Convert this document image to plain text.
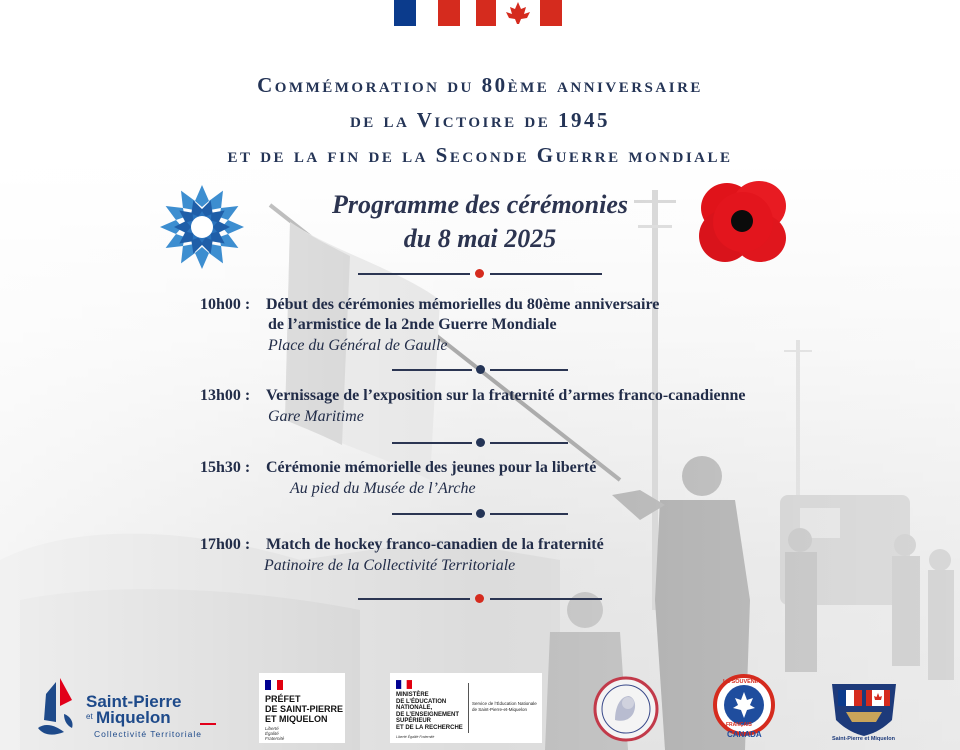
Commémoration du 80ème anniversaire
de la Victoire de 1945
et de la fin de la Seconde Guerre mondiale
Programme des cérémonies
du 8 mai 2025
10h00 : Début des cérémonies mémorielles du 80ème anniversaire
de l’armistice de la 2nde Guerre Mondiale
Place du Général de Gaulle
13h00 : Vernissage de l’exposition sur la fraternité d’armes franco-canadienne
Gare Maritime
15h30 : Cérémonie mémorielle des jeunes pour la liberté
Au pied du Musée de l’Arche
17h00 : Match de hockey franco-canadien de la fraternité
Patinoire de la Collectivité Territoriale
Saint-Pierre
et Miquelon
Collectivité Territoriale
PRÉFET
DE SAINT-PIERRE
ET MIQUELON
Liberté
Égalité
Fraternité
MINISTÈRE
DE L’ÉDUCATION
NATIONALE,
DE L’ENSEIGNEMENT
SUPÉRIEUR
ET DE LA RECHERCHE
Liberté Égalité Fraternité
Service de l’Éducation Nationale
de Saint-Pierre-et-Miquelon
LE SOUVENIR
FRANÇAIS
CANADA	Saint-Pierre et Miquelon
